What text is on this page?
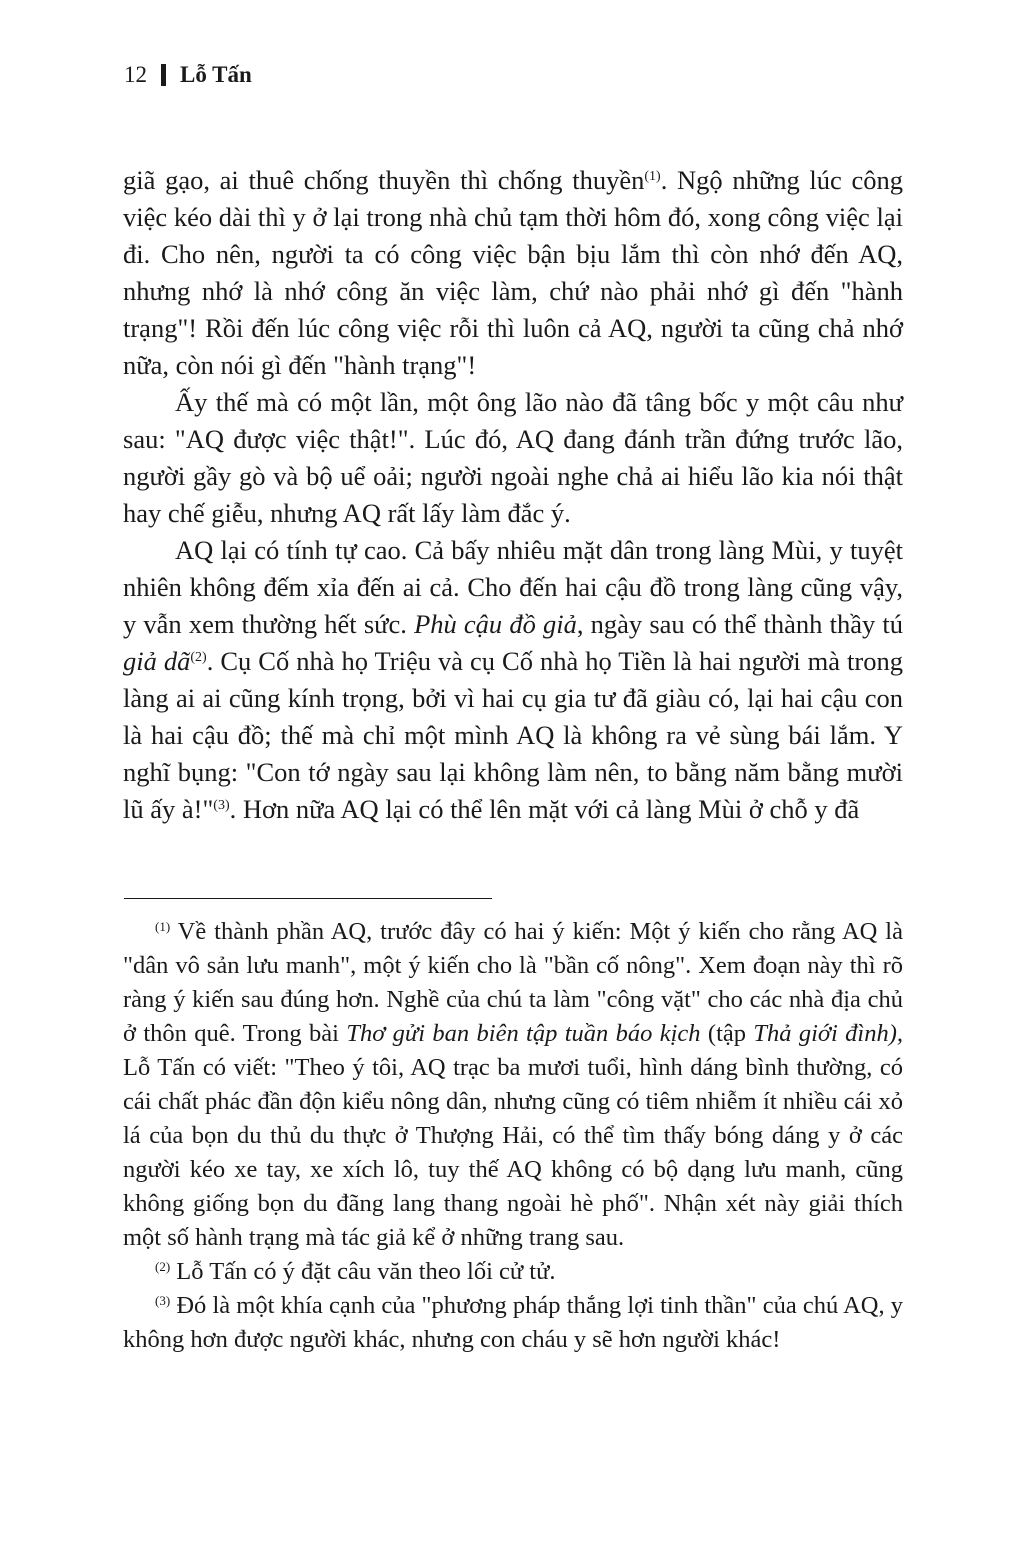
12 Lỗ Tấn

giã gạo, ai thuê chống thuyền thì chống thuyền$^{(1)}$. Ngộ những lúc công việc kéo dài thì y ở lại trong nhà chủ tạm thời hôm đó, xong công việc lại đi. Cho nên, người ta có công việc bận bịu lắm thì còn nhớ đến AQ, nhưng nhớ là nhớ công ăn việc làm, chứ nào phải nhớ gì đến "hành trạng"! Rồi đến lúc công việc rỗi thì luôn cả AQ, người ta cũng chả nhớ nữa, còn nói gì đến "hành trạng"!

Ấy thế mà có một lần, một ông lão nào đã tâng bốc y một câu như sau: "AQ được việc thật!". Lúc đó, AQ đang đánh trần đứng trước lão, người gầy gò và bộ uể oải; người ngoài nghe chả ai hiểu lão kia nói thật hay chế giễu, nhưng AQ rất lấy làm đắc ý.

AQ lại có tính tự cao. Cả bấy nhiêu mặt dân trong làng Mùi, y tuyệt nhiên không đếm xỉa đến ai cả. Cho đến hai cậu đồ trong làng cũng vậy, y vẫn xem thường hết sức. Phù cậu đồ giả, ngày sau có thể thành thầy tú giả dã$^{(2)}$. Cụ Cố nhà họ Triệu và cụ Cố nhà họ Tiền là hai người mà trong làng ai ai cũng kính trọng, bởi vì hai cụ gia tư đã giàu có, lại hai cậu con là hai cậu đồ; thế mà chỉ một mình AQ là không ra vẻ sùng bái lắm. Y nghĩ bụng: "Con tớ ngày sau lại không làm nên, to bằng năm bằng mười lũ ấy à!"$^{(3)}$. Hơn nữa AQ lại có thể lên mặt với cả làng Mùi ở chỗ y đã

$^{(1)}$ Về thành phần AQ, trước đây có hai ý kiến: Một ý kiến cho rằng AQ là "dân vô sản lưu manh", một ý kiến cho là "bần cố nông". Xem đoạn này thì rõ ràng ý kiến sau đúng hơn. Nghề của chú ta làm "công vặt" cho các nhà địa chủ ở thôn quê. Trong bài Thơ gửi ban biên tập tuần báo kịch (tập Thả giới đình), Lỗ Tấn có viết: "Theo ý tôi, AQ trạc ba mươi tuổi, hình dáng bình thường, có cái chất phác đần độn kiểu nông dân, nhưng cũng có tiêm nhiễm ít nhiều cái xỏ lá của bọn du thủ du thực ở Thượng Hải, có thể tìm thấy bóng dáng y ở các người kéo xe tay, xe xích lô, tuy thế AQ không có bộ dạng lưu manh, cũng không giống bọn du đãng lang thang ngoài hè phố". Nhận xét này giải thích một số hành trạng mà tác giả kể ở những trang sau.

$^{(2)}$ Lỗ Tấn có ý đặt câu văn theo lối cử tử.

$^{(3)}$ Đó là một khía cạnh của "phương pháp thắng lợi tinh thần" của chú AQ, y không hơn được người khác, nhưng con cháu y sẽ hơn người khác!
